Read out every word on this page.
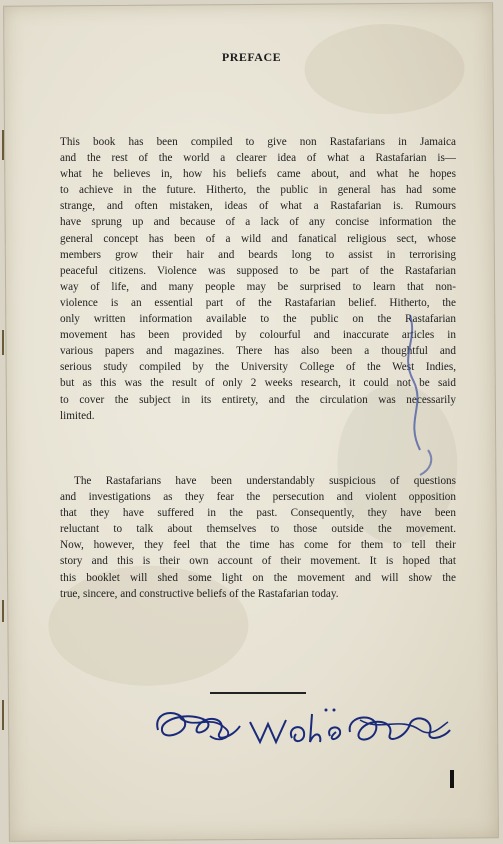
PREFACE
This book has been compiled to give non Rastafarians in Jamaica
and the rest of the world a clearer idea of what a Rastafarian is—
what he believes in, how his beliefs came about, and what he hopes
to achieve in the future. Hitherto, the public in general has had some
strange, and often mistaken, ideas of what a Rastafarian is. Rumours
have sprung up and because of a lack of any concise information the
general concept has been of a wild and fanatical religious sect, whose
members grow their hair and beards long to assist in terrorising
peaceful citizens. Violence was supposed to be part of the Rastafarian
way of life, and many people may be surprised to learn that non-
violence is an essential part of the Rastafarian belief. Hitherto, the
only written information available to the public on the Rastafarian
movement has been provided by colourful and inaccurate articles in
various papers and magazines. There has also been a thoughtful and
serious study compiled by the University College of the West Indies,
but as this was the result of only 2 weeks research, it could not be said
to cover the subject in its entirety, and the circulation was necessarily
limited.
The Rastafarians have been understandably suspicious of questions
and investigations as they fear the persecution and violent opposition
that they have suffered in the past. Consequently, they have been
reluctant to talk about themselves to those outside the movement.
Now, however, they feel that the time has come for them to tell their
story and this is their own account of their movement. It is hoped that
this booklet will shed some light on the movement and will show the
true, sincere, and constructive beliefs of the Rastafarian today.
